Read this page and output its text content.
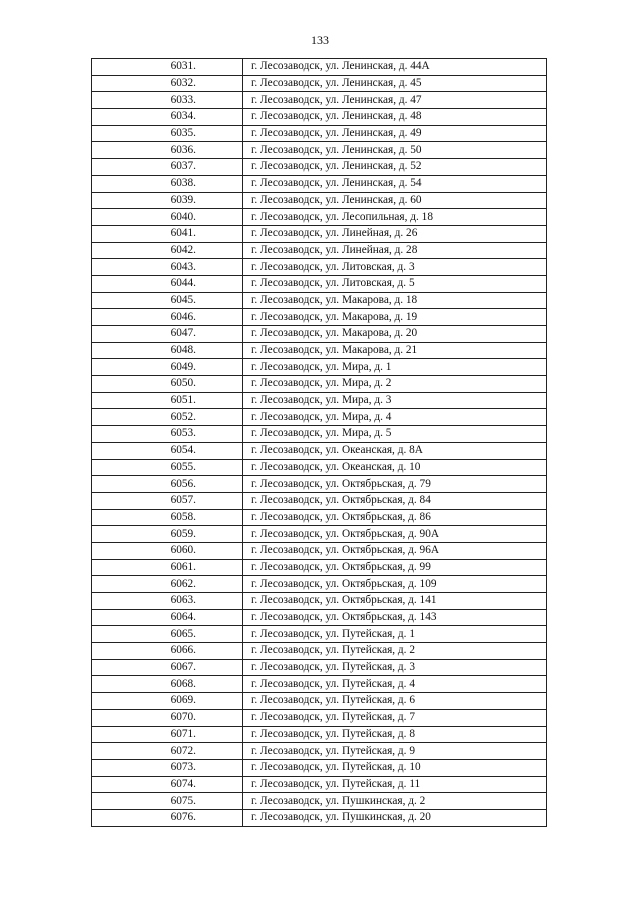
133
6031.	г. Лесозаводск, ул. Ленинская, д. 44А
6032.	г. Лесозаводск, ул. Ленинская, д. 45
6033.	г. Лесозаводск, ул. Ленинская, д. 47
6034.	г. Лесозаводск, ул. Ленинская, д. 48
6035.	г. Лесозаводск, ул. Ленинская, д. 49
6036.	г. Лесозаводск, ул. Ленинская, д. 50
6037.	г. Лесозаводск, ул. Ленинская, д. 52
6038.	г. Лесозаводск, ул. Ленинская, д. 54
6039.	г. Лесозаводск, ул. Ленинская, д. 60
6040.	г. Лесозаводск, ул. Лесопильная, д. 18
6041.	г. Лесозаводск, ул. Линейная, д. 26
6042.	г. Лесозаводск, ул. Линейная, д. 28
6043.	г. Лесозаводск, ул. Литовская, д. 3
6044.	г. Лесозаводск, ул. Литовская, д. 5
6045.	г. Лесозаводск, ул. Макарова, д. 18
6046.	г. Лесозаводск, ул. Макарова, д. 19
6047.	г. Лесозаводск, ул. Макарова, д. 20
6048.	г. Лесозаводск, ул. Макарова, д. 21
6049.	г. Лесозаводск, ул. Мира, д. 1
6050.	г. Лесозаводск, ул. Мира, д. 2
6051.	г. Лесозаводск, ул. Мира, д. 3
6052.	г. Лесозаводск, ул. Мира, д. 4
6053.	г. Лесозаводск, ул. Мира, д. 5
6054.	г. Лесозаводск, ул. Океанская, д. 8А
6055.	г. Лесозаводск, ул. Океанская, д. 10
6056.	г. Лесозаводск, ул. Октябрьская, д. 79
6057.	г. Лесозаводск, ул. Октябрьская, д. 84
6058.	г. Лесозаводск, ул. Октябрьская, д. 86
6059.	г. Лесозаводск, ул. Октябрьская, д. 90А
6060.	г. Лесозаводск, ул. Октябрьская, д. 96А
6061.	г. Лесозаводск, ул. Октябрьская, д. 99
6062.	г. Лесозаводск, ул. Октябрьская, д. 109
6063.	г. Лесозаводск, ул. Октябрьская, д. 141
6064.	г. Лесозаводск, ул. Октябрьская, д. 143
6065.	г. Лесозаводск, ул. Путейская, д. 1
6066.	г. Лесозаводск, ул. Путейская, д. 2
6067.	г. Лесозаводск, ул. Путейская, д. 3
6068.	г. Лесозаводск, ул. Путейская, д. 4
6069.	г. Лесозаводск, ул. Путейская, д. 6
6070.	г. Лесозаводск, ул. Путейская, д. 7
6071.	г. Лесозаводск, ул. Путейская, д. 8
6072.	г. Лесозаводск, ул. Путейская, д. 9
6073.	г. Лесозаводск, ул. Путейская, д. 10
6074.	г. Лесозаводск, ул. Путейская, д. 11
6075.	г. Лесозаводск, ул. Пушкинская, д. 2
6076.	г. Лесозаводск, ул. Пушкинская, д. 20
